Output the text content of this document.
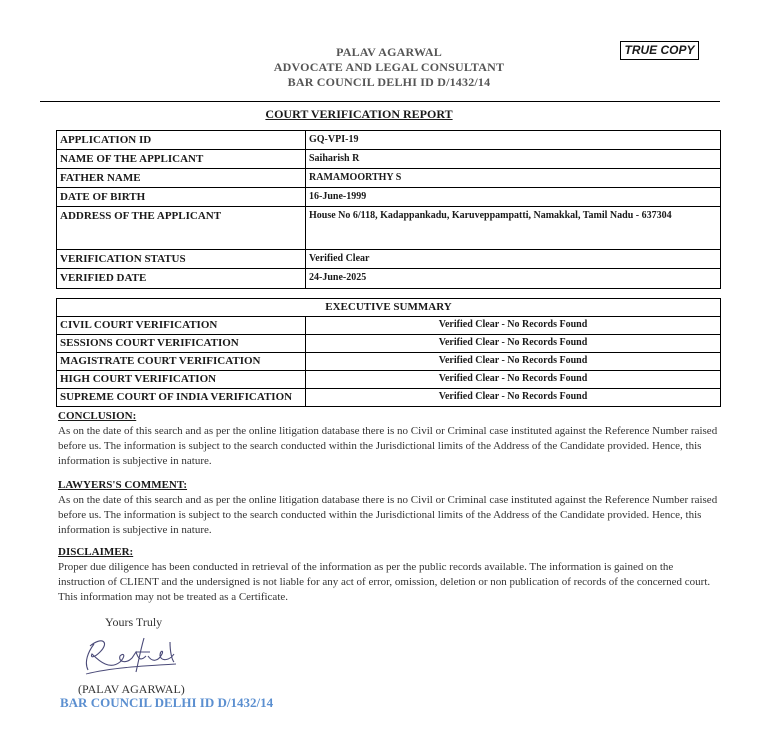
PALAV AGARWAL
ADVOCATE AND LEGAL CONSULTANT
BAR COUNCIL DELHI ID D/1432/14
TRUE COPY
COURT VERIFICATION REPORT
APPLICATION ID	GQ-VPI-19
NAME OF THE APPLICANT	Saiharish R
FATHER NAME	RAMAMOORTHY S
DATE OF BIRTH	16-June-1999
ADDRESS OF THE APPLICANT	House No 6/118, Kadappankadu, Karuveppampatti, Namakkal, Tamil Nadu - 637304
VERIFICATION STATUS	Verified Clear
VERIFIED DATE	24-June-2025
EXECUTIVE SUMMARY	
CIVIL COURT VERIFICATION	Verified Clear - No Records Found
SESSIONS COURT VERIFICATION	Verified Clear - No Records Found
MAGISTRATE COURT VERIFICATION	Verified Clear - No Records Found
HIGH COURT VERIFICATION	Verified Clear - No Records Found
SUPREME COURT OF INDIA VERIFICATION	Verified Clear - No Records Found
CONCLUSION:
As on the date of this search and as per the online litigation database there is no Civil or Criminal case instituted against the Reference Number raised before us. The information is subject to the search conducted within the Jurisdictional limits of the Address of the Candidate provided. Hence, this information is subjective in nature.
LAWYERS'S COMMENT:
As on the date of this search and as per the online litigation database there is no Civil or Criminal case instituted against the Reference Number raised before us. The information is subject to the search conducted within the Jurisdictional limits of the Address of the Candidate provided. Hence, this information is subjective in nature.
DISCLAIMER:
Proper due diligence has been conducted in retrieval of the information as per the public records available. The information is gained on the instruction of CLIENT and the undersigned is not liable for any act of error, omission, deletion or non publication of records of the concerned court. This information may not be treated as a Certificate.
Yours Truly
(PALAV AGARWAL)
BAR COUNCIL DELHI ID D/1432/14
